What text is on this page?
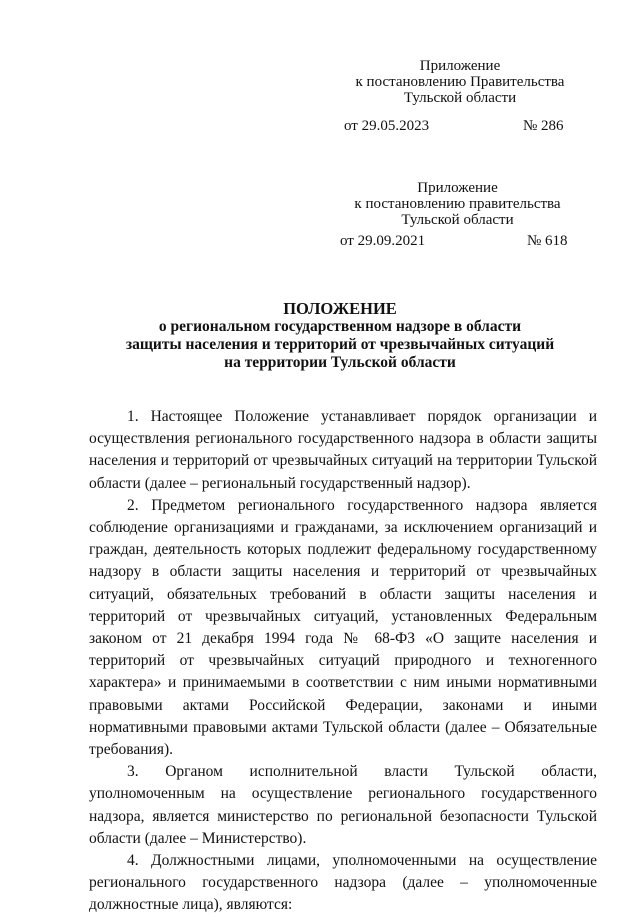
Приложение
к постановлению Правительства
Тульской области
от 29.05.2023	№ 286
Приложение
к постановлению правительства
Тульской области
от 29.09.2021	№ 618
ПОЛОЖЕНИЕ
о региональном государственном надзоре в области
защиты населения и территорий от чрезвычайных ситуаций
на территории Тульской области

1. Настоящее Положение устанавливает порядок организации и осуществления регионального государственного надзора в области защиты населения и территорий от чрезвычайных ситуаций на территории Тульской области (далее – региональный государственный надзор).

2. Предметом регионального государственного надзора является соблюдение организациями и гражданами, за исключением организаций и граждан, деятельность которых подлежит федеральному государственному надзору в области защиты населения и территорий от чрезвычайных ситуаций, обязательных требований в области защиты населения и территорий от чрезвычайных ситуаций, установленных Федеральным законом от 21 декабря 1994 года № 68-ФЗ «О защите населения и территорий от чрезвычайных ситуаций природного и техногенного характера» и принимаемыми в соответствии с ним иными нормативными правовыми актами Российской Федерации, законами и иными нормативными правовыми актами Тульской области (далее – Обязательные требования).

3. Органом исполнительной власти Тульской области, уполномоченным на осуществление регионального государственного надзора, является министерство по региональной безопасности Тульской области (далее – Министерство).

4. Должностными лицами, уполномоченными на осуществление регионального государственного надзора (далее – уполномоченные должностные лица), являются:
